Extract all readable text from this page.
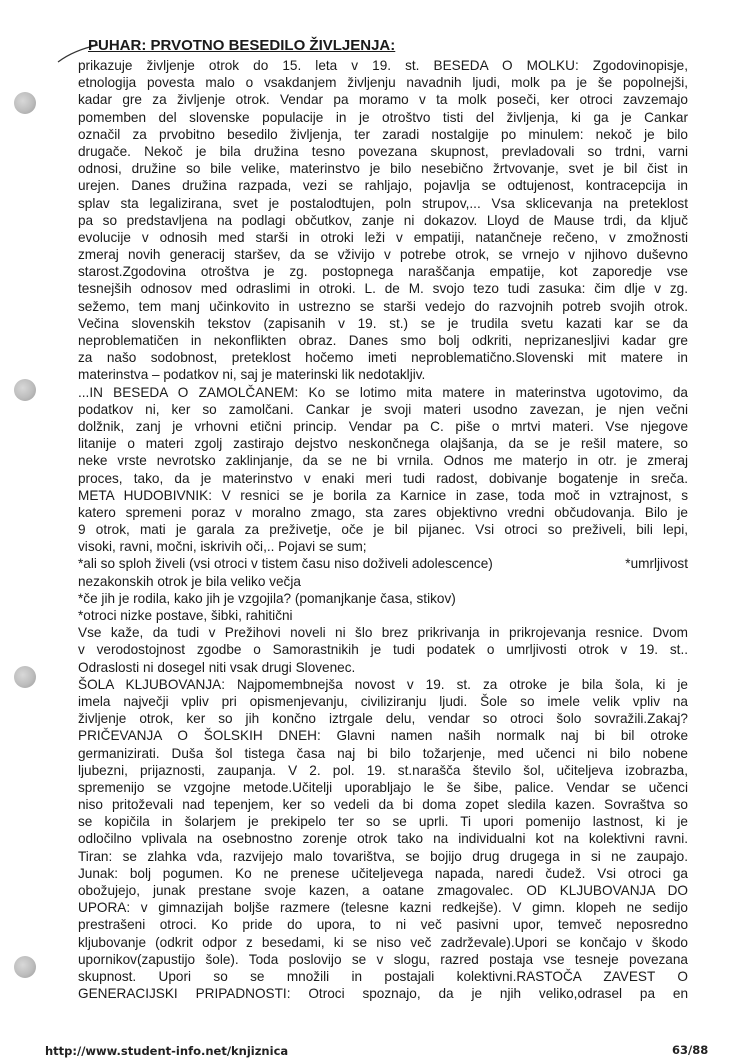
PUHAR: PRVOTNO BESEDILO ŽIVLJENJA:
prikazuje življenje otrok do 15. leta v 19. st. BESEDA O MOLKU: Zgodovinopisje,
etnologija povesta malo o vsakdanjem življenju navadnih ljudi, molk pa je še popolnejši,
kadar gre za življenje otrok. Vendar pa moramo v ta molk poseči, ker otroci zavzemajo
pomemben del slovenske populacije in je otroštvo tisti del življenja, ki ga je Cankar
označil za prvobitno besedilo življenja, ter zaradi nostalgije po minulem: nekoč je bilo
drugače. Nekoč je bila družina tesno povezana skupnost, prevladovali so trdni, varni
odnosi, družine so bile velike, materinstvo je bilo nesebično žrtvovanje, svet je bil čist in
urejen. Danes družina razpada, vezi se rahljajo, pojavlja se odtujenost, kontracepcija in
splav sta legalizirana, svet je postalodtujen, poln strupov,... Vsa sklicevanja na preteklost
pa so predstavljena na podlagi občutkov, zanje ni dokazov. Lloyd de Mause trdi, da ključ
evolucije v odnosih med starši in otroki leži v empatiji, natančneje rečeno, v zmožnosti
zmeraj novih generacij staršev, da se vživijo v potrebe otrok, se vrnejo v njihovo duševno
starost.Zgodovina otroštva je zg. postopnega naraščanja empatije, kot zaporedje vse
tesnejših odnosov med odraslimi in otroki. L. de M. svojo tezo tudi zasuka: čim dlje v zg.
sežemo, tem manj učinkovito in ustrezno se starši vedejo do razvojnih potreb svojih otrok.
Večina slovenskih tekstov (zapisanih v 19. st.) se je trudila svetu kazati kar se da
neproblematičen in nekonflikten obraz. Danes smo bolj odkriti, neprizanesljivi kadar gre
za našo sodobnost, preteklost hočemo imeti neproblematično.Slovenski mit matere in
materinstva – podatkov ni, saj je materinski lik nedotakljiv.
...IN BESEDA O ZAMOLČANEM: Ko se lotimo mita matere in materinstva ugotovimo, da
podatkov ni, ker so zamolčani. Cankar je svoji materi usodno zavezan, je njen večni
dolžnik, zanj je vrhovni etični princip. Vendar pa C. piše o mrtvi materi. Vse njegove
litanije o materi zgolj zastirajo dejstvo neskončnega olajšanja, da se je rešil matere, so
neke vrste nevrotsko zaklinjanje, da se ne bi vrnila. Odnos me materjo in otr. je zmeraj
proces, tako, da je materinstvo v enaki meri tudi radost, dobivanje bogatenje in sreča.
META HUDOBIVNIK: V resnici se je borila za Karnice in zase, toda moč in vztrajnost, s
katero spremeni poraz v moralno zmago, sta zares objektivno vredni občudovanja. Bilo je
9 otrok, mati je garala za preživetje, oče je bil pijanec. Vsi otroci so preživeli, bili lepi,
visoki, ravni, močni, iskrivih oči,.. Pojavi se sum;
*ali so sploh živeli (vsi otroci v tistem času niso doživeli adolescence)	*umrljivost
nezakonskih otrok je bila veliko večja
*če jih je rodila, kako jih je vzgojila? (pomanjkanje časa, stikov)
*otroci nizke postave, šibki, rahitični
Vse kaže, da tudi v Prežihovi noveli ni šlo brez prikrivanja in prikrojevanja resnice. Dvom
v verodostojnost zgodbe o Samorastnikih je tudi podatek o umrljivosti otrok v 19. st..
Odraslosti ni dosegel niti vsak drugi Slovenec.
ŠOLA KLJUBOVANJA: Najpomembnejša novost v 19. st. za otroke je bila šola, ki je
imela največji vpliv pri opismenjevanju, civiliziranju ljudi. Šole so imele velik vpliv na
življenje otrok, ker so jih končno iztrgale delu, vendar so otroci šolo sovražili.Zakaj?
PRIČEVANJA O ŠOLSKIH DNEH: Glavni namen naših normalk naj bi bil otroke
germanizirati. Duša šol tistega časa naj bi bilo tožarjenje, med učenci ni bilo nobene
ljubezni, prijaznosti, zaupanja. V 2. pol. 19. st.narašča število šol, učiteljeva izobrazba,
spremenijo se vzgojne metode.Učitelji uporabljajo le še šibe, palice. Vendar se učenci
niso pritoževali nad tepenjem, ker so vedeli da bi doma zopet sledila kazen. Sovraštva so
se kopičila in šolarjem je prekipelo ter so se uprli. Ti upori pomenijo lastnost, ki je
odločilno vplivala na osebnostno zorenje otrok tako na individualni kot na kolektivni ravni.
Tiran: se zlahka vda, razvijejo malo tovarištva, se bojijo drug drugega in si ne zaupajo.
Junak: bolj pogumen. Ko ne prenese učiteljevega napada, naredi čudež. Vsi otroci ga
obožujejo, junak prestane svoje kazen, a oatane zmagovalec. OD KLJUBOVANJA DO
UPORA: v gimnazijah boljše razmere (telesne kazni redkejše). V gimn. klopeh ne sedijo
prestrašeni otroci. Ko pride do upora, to ni več pasivni upor, temveč neposredno
kljubovanje (odkrit odpor z besedami, ki se niso več zadrževale).Upori se končajo v škodo
upornikov(zapustijo šole). Toda poslovijo se v slogu, razred postaja vse tesneje povezana
skupnost. Upori so se množili in postajali kolektivni.RASTOČA ZAVEST O
GENERACIJSKI PRIPADNOSTI: Otroci spoznajo, da je njih veliko,odrasel pa en
http://www.student-info.net/knjiznica	63/88
